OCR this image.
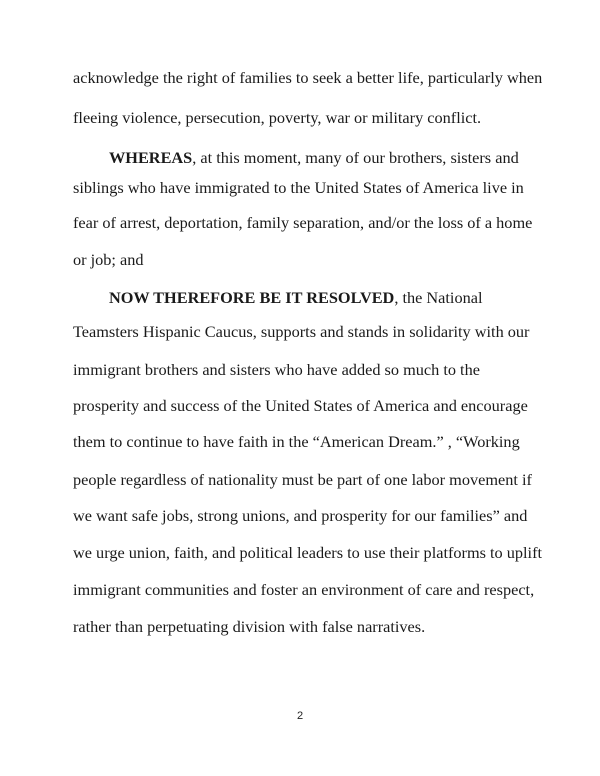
acknowledge the right of families to seek a better life, particularly when

fleeing violence, persecution, poverty, war or military conflict.

WHEREAS, at this moment, many of our brothers, sisters and

siblings who have immigrated to the United States of America live in

fear of arrest, deportation, family separation, and/or the loss of a home

or job; and

NOW THEREFORE BE IT RESOLVED, the National

Teamsters Hispanic Caucus, supports and stands in solidarity with our

immigrant brothers and sisters who have added so much to the

prosperity and success of the United States of America and encourage

them to continue to have faith in the “American Dream.” , “Working

people regardless of nationality must be part of one labor movement if

we want safe jobs, strong unions, and prosperity for our families” and

we urge union, faith, and political leaders to use their platforms to uplift

immigrant communities and foster an environment of care and respect,

rather than perpetuating division with false narratives.

2
